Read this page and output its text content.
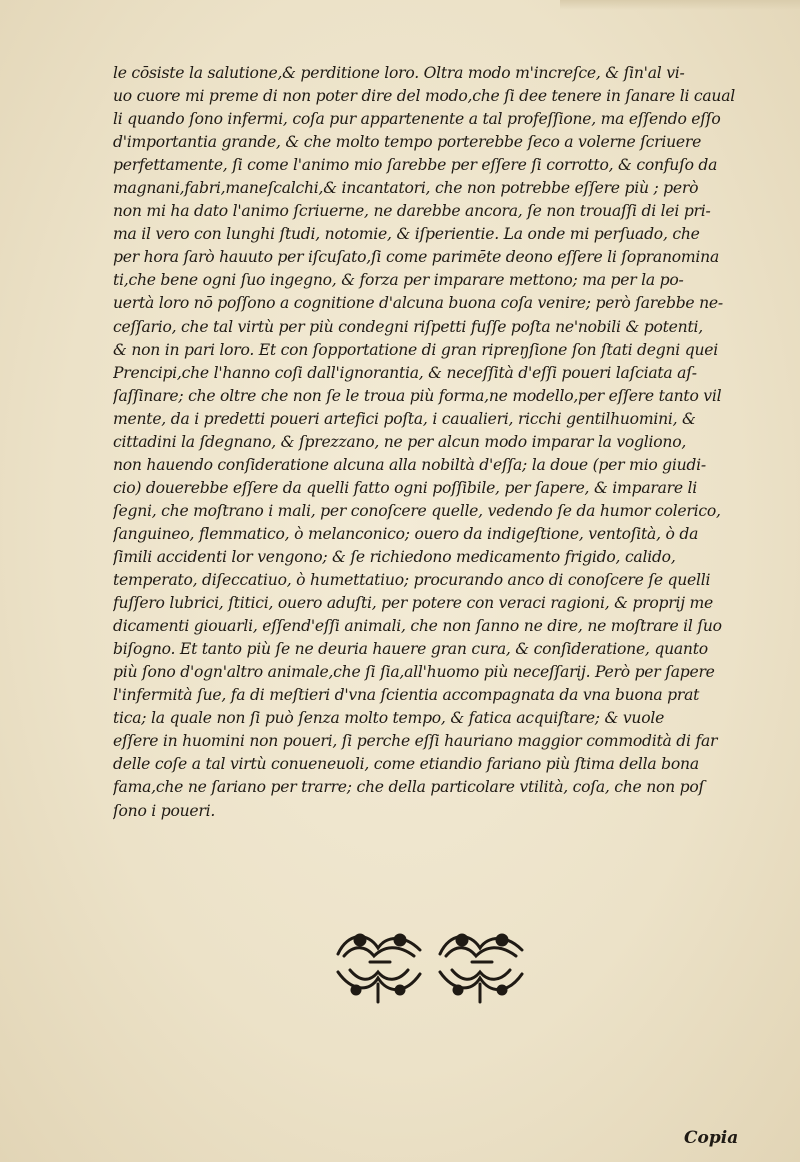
le cōsiste la salutione,& perditione loro. Oltra modo m'increſce, & ſin'al vi-
uo cuore mi preme di non poter dire del modo,che ſi dee tenere in ſanare li caual
li quando ſono infermi, coſa pur appartenente a tal profeſſione, ma eſſendo eſſo
d'importantia grande, & che molto tempo porterebbe ſeco a volerne ſcriuere
perfettamente, ſi come l'animo mio ſarebbe per eſſere ſi corrotto, & confuſo da
magnani,fabri,maneſcalchi,& incantatori, che non potrebbe eſſere più ; però
non mi ha dato l'animo ſcriuerne, ne darebbe ancora, ſe non trouaſſi di lei pri-
ma il vero con lunghi ſtudi, notomie, & iſperientie. La onde mi perſuado, che
per hora ſarò hauuto per iſcuſato,ſi come parimēte deono eſſere li ſopranomina
ti,che bene ogni ſuo ingegno, & forza per imparare mettono; ma per la po-
uertà loro nō poſſono a cognitione d'alcuna buona coſa venire; però ſarebbe ne-
ceſſario, che tal virtù per più condegni riſpetti fuſſe poſta ne'nobili & potenti,
& non in pari loro. Et con ſopportatione di gran ripreŋſione ſon ſtati degni quei
Prencipi,che l'hanno coſi dall'ignorantia, & neceſſità d'eſſi poueri laſciata aſ-
ſaſſinare; che oltre che non ſe le troua più forma,ne modello,per eſſere tanto vil
mente, da i predetti poueri artefici poſta, i caualieri, ricchi gentilhuomini, &
cittadini la ſdegnano, & ſprezzano, ne per alcun modo imparar la vogliono,
non hauendo conſideratione alcuna alla nobiltà d'eſſa; la doue (per mio giudi-
cio) douerebbe eſſere da quelli fatto ogni poſſibile, per ſapere, & imparare li
ſegni, che moſtrano i mali, per conoſcere quelle, vedendo ſe da humor colerico,
ſanguineo, flemmatico, ò melanconico; ouero da indigeſtione, ventoſità, ò da
ſimili accidenti lor vengono; & ſe richiedono medicamento frigido, calido,
temperato, diſeccatiuo, ò humettatiuo; procurando anco di conoſcere ſe quelli
fuſſero lubrici, ſtitici, ouero aduſti, per potere con veraci ragioni, & proprij me
dicamenti giouarli, eſſend'eſſi animali, che non ſanno ne dire, ne moſtrare il ſuo
biſogno. Et tanto più ſe ne deuria hauere gran cura, & conſideratione, quanto
più ſono d'ogn'altro animale,che ſi ſia,all'huomo più neceſſarij. Però per ſapere
l'infermità ſue, fa di meſtieri d'vna ſcientia accompagnata da vna buona prat
tica; la quale non ſi può ſenza molto tempo, & fatica acquiſtare; & vuole
eſſere in huomini non poueri, ſi perche eſſi hauriano maggior commodità di far
delle coſe a tal virtù conueneuoli, come etiandio fariano più ſtima della bona
fama,che ne ſariano per trarre; che della particolare vtilità, coſa, che non poſ
ſono i poueri.
Copia
